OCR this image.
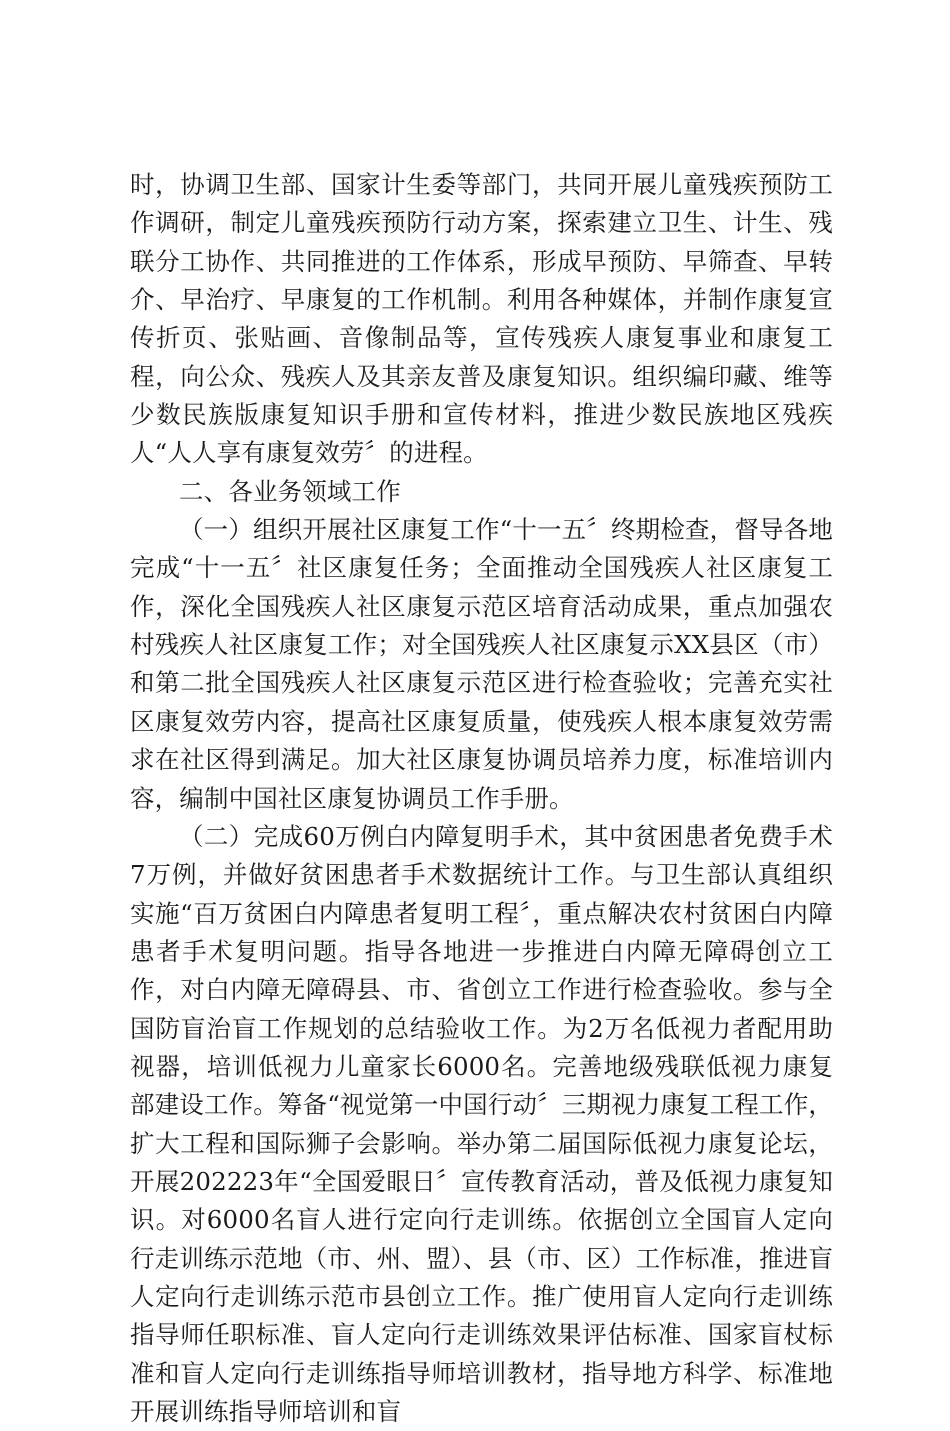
时，协调卫生部、国家计生委等部门，共同开展儿童残疾预防工作调研，制定儿童残疾预防行动方案，探索建立卫生、计生、残联分工协作、共同推进的工作体系，形成早预防、早筛查、早转介、早治疗、早康复的工作机制。利用各种媒体，并制作康复宣传折页、张贴画、音像制品等，宣传残疾人康复事业和康复工程，向公众、残疾人及其亲友普及康复知识。组织编印藏、维等少数民族版康复知识手册和宣传材料，推进少数民族地区残疾人“人人享有康复效劳〞的进程。

二、各业务领域工作

（一）组织开展社区康复工作“十一五〞终期检查，督导各地完成“十一五〞社区康复任务；全面推动全国残疾人社区康复工作，深化全国残疾人社区康复示范区培育活动成果，重点加强农村残疾人社区康复工作；对全国残疾人社区康复示XX县区（市）和第二批全国残疾人社区康复示范区进行检查验收；完善充实社区康复效劳内容，提高社区康复质量，使残疾人根本康复效劳需求在社区得到满足。加大社区康复协调员培养力度，标准培训内容，编制中国社区康复协调员工作手册。

（二）完成60万例白内障复明手术，其中贫困患者免费手术7万例，并做好贫困患者手术数据统计工作。与卫生部认真组织实施“百万贫困白内障患者复明工程〞，重点解决农村贫困白内障患者手术复明问题。指导各地进一步推进白内障无障碍创立工作，对白内障无障碍县、市、省创立工作进行检查验收。参与全国防盲治盲工作规划的总结验收工作。为2万名低视力者配用助视器，培训低视力儿童家长6000名。完善地级残联低视力康复部建设工作。筹备“视觉第一中国行动〞三期视力康复工程工作，扩大工程和国际狮子会影响。举办第二届国际低视力康复论坛，开展202223年“全国爱眼日〞宣传教育活动，普及低视力康复知识。对6000名盲人进行定向行走训练。依据创立全国盲人定向行走训练示范地（市、州、盟）、县（市、区）工作标准，推进盲人定向行走训练示范市县创立工作。推广使用盲人定向行走训练指导师任职标准、盲人定向行走训练效果评估标准、国家盲杖标准和盲人定向行走训练指导师培训教材，指导地方科学、标准地开展训练指导师培训和盲
